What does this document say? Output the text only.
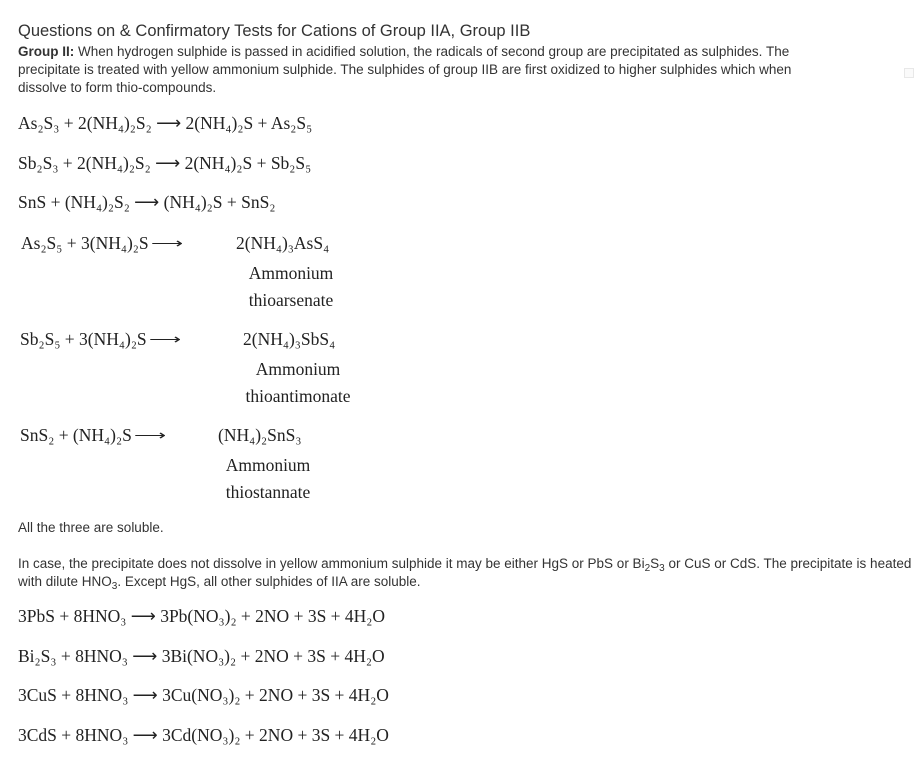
Questions on & Confirmatory Tests for Cations of Group IIA, Group IIB
Group II: When hydrogen sulphide is passed in acidified solution, the radicals of second group are precipitated as sulphides. The precipitate is treated with yellow ammonium sulphide. The sulphides of group IIB are first oxidized to higher sulphides which when dissolve to form thio-compounds.
As₂S₃ + 2(NH₄)₂S₂ ⟶ 2(NH₄)₂S + As₂S₅
Sb₂S₃ + 2(NH₄)₂S₂ ⟶ 2(NH₄)₂S + Sb₂S₅
SnS + (NH₄)₂S₂ ⟶ (NH₄)₂S + SnS₂
As₂S₅ + 3(NH₄)₂S ⟶	2(NH₄)₃AsS₄
Ammonium
thioarsenate
Sb₂S₅ + 3(NH₄)₂S ⟶	2(NH₄)₃SbS₄
Ammonium
thioantimonate
SnS₂ + (NH₄)₂S ⟶	(NH₄)₂SnS₃
Ammonium
thiostannate
All the three are soluble.
In case, the precipitate does not dissolve in yellow ammonium sulphide it may be either HgS or PbS or $Bi_2S_3$ or CuS or CdS. The precipitate is heated with dilute $HNO_3$. Except HgS, all other sulphides of IIA are soluble.
3PbS + 8HNO₃ ⟶ 3Pb(NO₃)₂ + 2NO + 3S + 4H₂O
Bi₂S₃ + 8HNO₃ ⟶ 3Bi(NO₃)₂ + 2NO + 3S + 4H₂O
3CuS + 8HNO₃ ⟶ 3Cu(NO₃)₂ + 2NO + 3S + 4H₂O
3CdS + 8HNO₃ ⟶ 3Cd(NO₃)₂ + 2NO + 3S + 4H₂O
